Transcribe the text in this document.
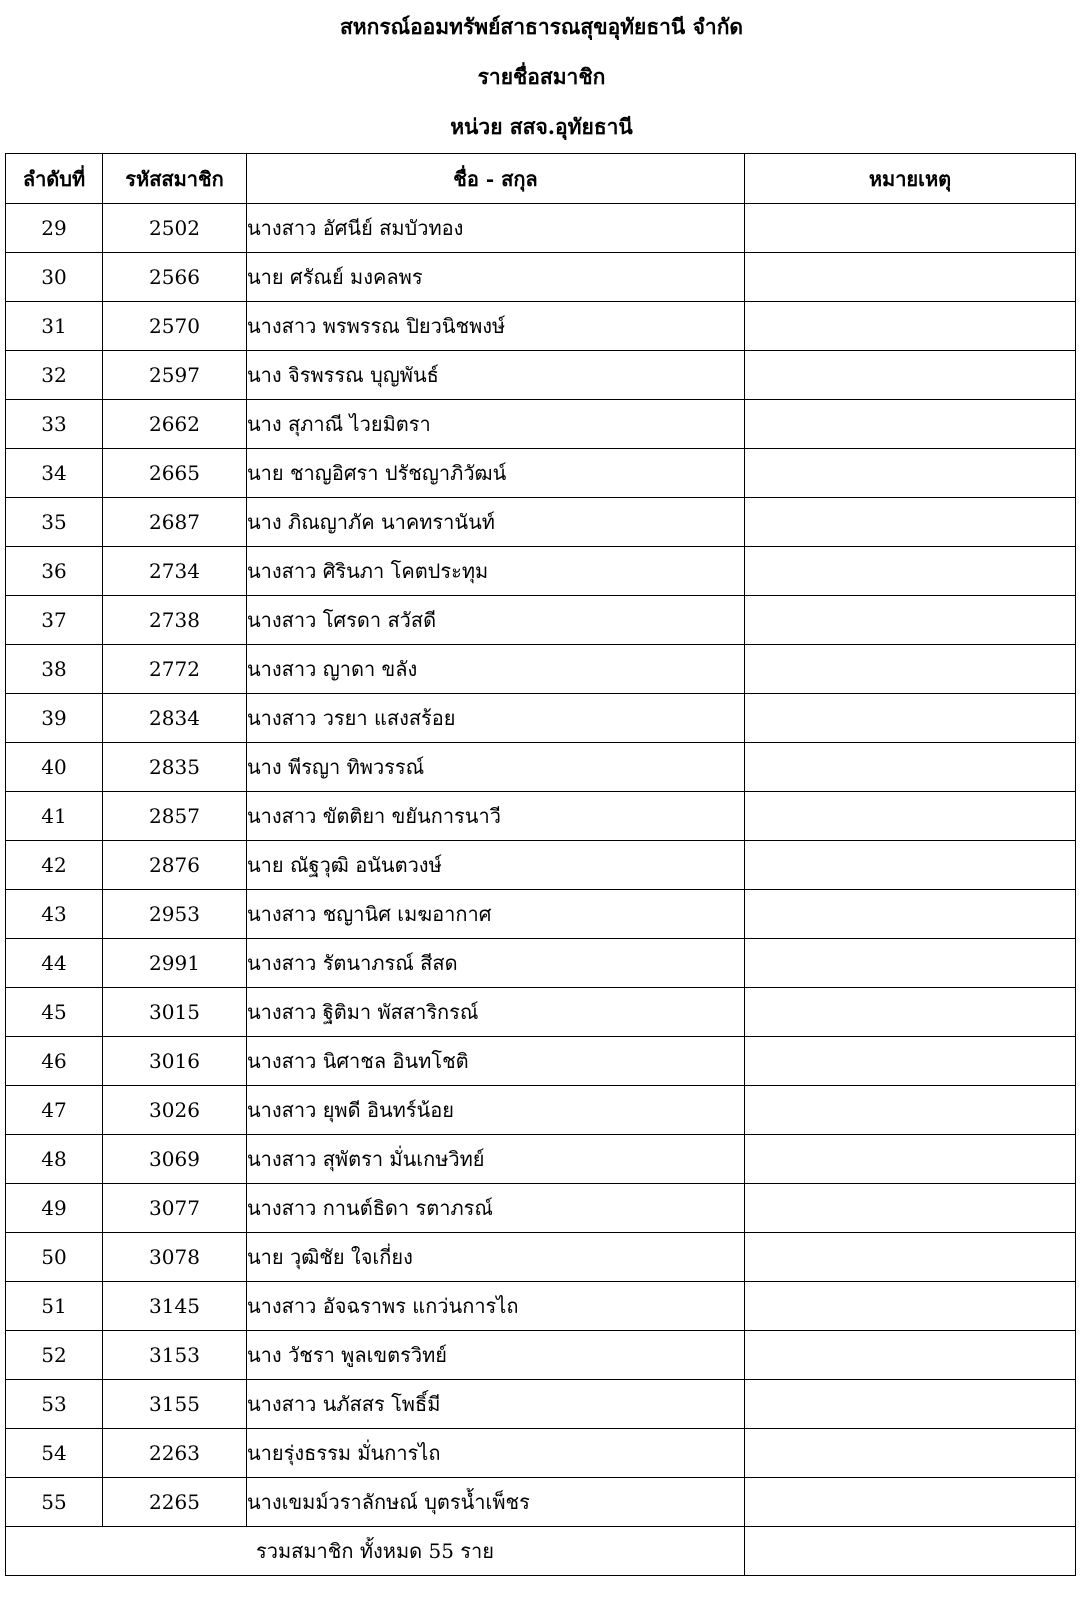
สหกรณ์ออมทรัพย์สาธารณสุขอุทัยธานี จำกัด
รายชื่อสมาชิก
หน่วย สสจ.อุทัยธานี
ลำดับที่	รหัสสมาชิก	ชื่อ - สกุล	หมายเหตุ
29	2502	นางสาว อัศนีย์ สมบัวทอง	
30	2566	นาย ศรัณย์ มงคลพร	
31	2570	นางสาว พรพรรณ ปิยวนิชพงษ์	
32	2597	นาง จิรพรรณ บุญพันธ์	
33	2662	นาง สุภาณี ไวยมิตรา	
34	2665	นาย ชาญอิศรา ปรัชญาภิวัฒน์	
35	2687	นาง ภิณญาภัค นาคทรานันท์	
36	2734	นางสาว ศิรินภา โคตประทุม	
37	2738	นางสาว โศรดา สวัสดี	
38	2772	นางสาว ญาดา ขลัง	
39	2834	นางสาว วรยา แสงสร้อย	
40	2835	นาง พีรญา ทิพวรรณ์	
41	2857	นางสาว ขัตติยา ขยันการนาวี	
42	2876	นาย ณัฐวุฒิ อนันตวงษ์	
43	2953	นางสาว ชญานิศ เมฆอากาศ	
44	2991	นางสาว รัตนาภรณ์ สีสด	
45	3015	นางสาว ฐิติมา พัสสาริกรณ์	
46	3016	นางสาว นิศาชล อินทโชติ	
47	3026	นางสาว ยุพดี อินทร์น้อย	
48	3069	นางสาว สุพัตรา มั่นเกษวิทย์	
49	3077	นางสาว กานต์ธิดา รตาภรณ์	
50	3078	นาย วุฒิชัย ใจเกี่ยง	
51	3145	นางสาว อัจฉราพร แกว่นการไถ	
52	3153	นาง วัชรา พูลเขตรวิทย์	
53	3155	นางสาว นภัสสร โพธิ์มี	
54	2263	นายรุ่งธรรม มั่นการไถ	
55	2265	นางเขมม์วราลักษณ์ บุตรน้ำเพ็ชร	
รวมสมาชิก ทั้งหมด 55 ราย			
